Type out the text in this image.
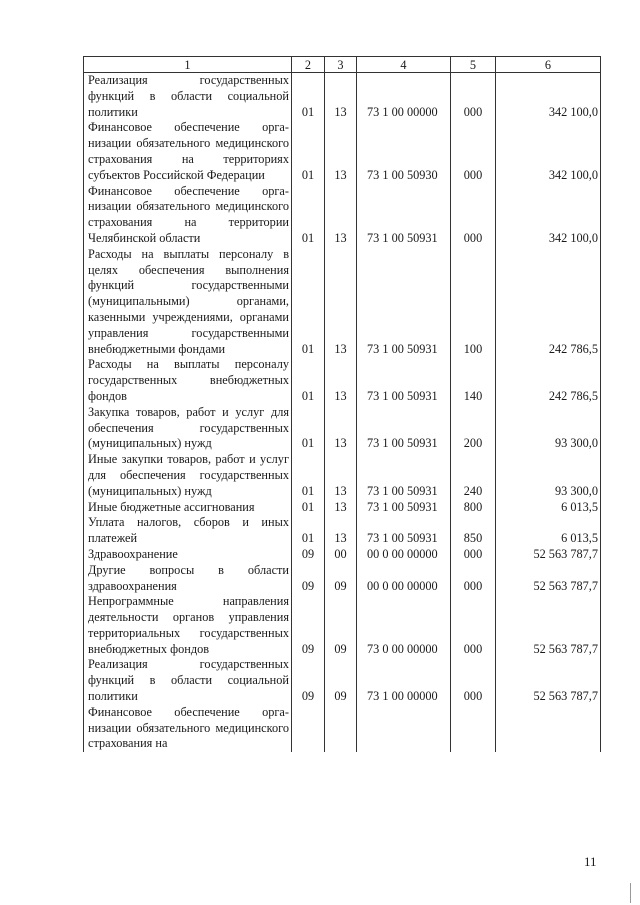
1	2	3	4	5	6
Реализация государственных функций в области социальной политики	01	13	73 1 00 00000	000	342 100,0
Финансовое обеспечение организации обязательного медицинского страхования на территориях субъектов Российской Федерации	01	13	73 1 00 50930	000	342 100,0
Финансовое обеспечение организации обязательного медицинского страхования на территории Челябинской области	01	13	73 1 00 50931	000	342 100,0
Расходы на выплаты персоналу в целях обеспечения выполнения функций государственными (муниципальными) органами, казенными учреждениями, органами управления государственными внебюджетными фондами	01	13	73 1 00 50931	100	242 786,5
Расходы на выплаты персоналу государственных внебюджетных фондов	01	13	73 1 00 50931	140	242 786,5
Закупка товаров, работ и услуг для обеспечения государственных (муниципальных) нужд	01	13	73 1 00 50931	200	93 300,0
Иные закупки товаров, работ и услуг для обеспечения государственных (муниципальных) нужд	01	13	73 1 00 50931	240	93 300,0
Иные бюджетные ассигнования	01	13	73 1 00 50931	800	6 013,5
Уплата налогов, сборов и иных платежей	01	13	73 1 00 50931	850	6 013,5
Здравоохранение	09	00	00 0 00 00000	000	52 563 787,7
Другие вопросы в области здравоохранения	09	09	00 0 00 00000	000	52 563 787,7
Непрограммные направления деятельности органов управления территориальных государственных внебюджетных фондов	09	09	73 0 00 00000	000	52 563 787,7
Реализация государственных функций в области социальной политики	09	09	73 1 00 00000	000	52 563 787,7
Финансовое обеспечение организации обязательного медицинского страхования на					
11
